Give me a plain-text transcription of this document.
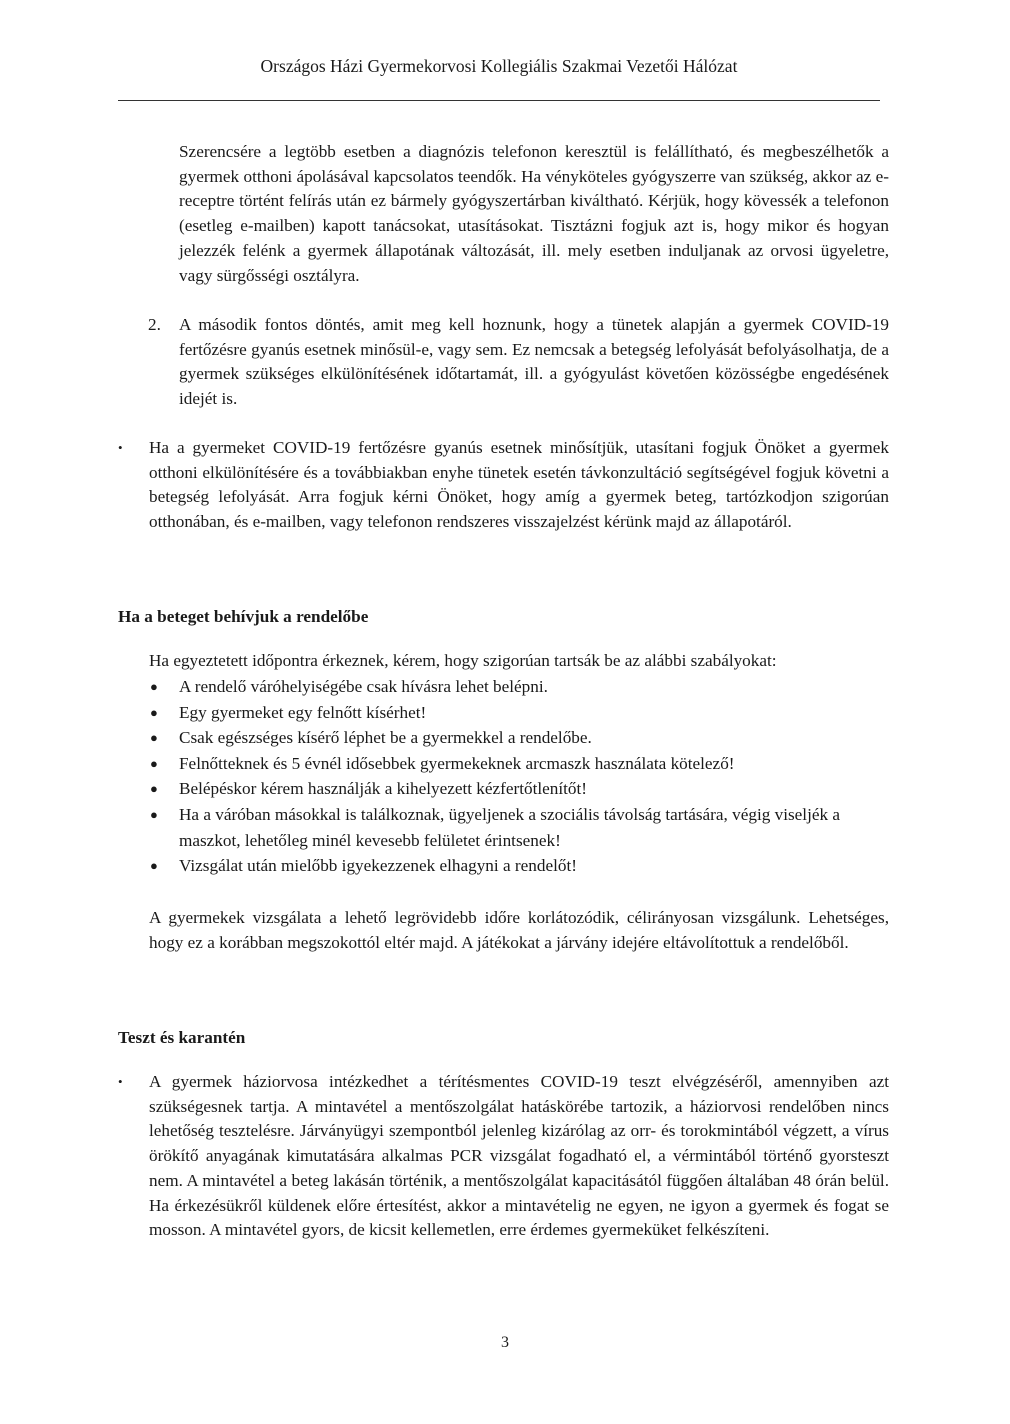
Országos Házi Gyermekorvosi Kollegiális Szakmai Vezetői Hálózat

Szerencsére a legtöbb esetben a diagnózis telefonon keresztül is felállítható, és megbeszélhetők a gyermek otthoni ápolásával kapcsolatos teendők. Ha vényköteles gyógyszerre van szükség, akkor az e-receptre történt felírás után ez bármely gyógyszertárban kiváltható. Kérjük, hogy kövessék a telefonon (esetleg e-mailben) kapott tanácsokat, utasításokat. Tisztázni fogjuk azt is, hogy mikor és hogyan jelezzék felénk a gyermek állapotának változását, ill. mely esetben induljanak az orvosi ügyeletre, vagy sürgősségi osztályra.

2. A második fontos döntés, amit meg kell hoznunk, hogy a tünetek alapján a gyermek COVID-19 fertőzésre gyanús esetnek minősül-e, vagy sem. Ez nemcsak a betegség lefolyását befolyásolhatja, de a gyermek szükséges elkülönítésének időtartamát, ill. a gyógyulást követően közösségbe engedésének idejét is.

• Ha a gyermeket COVID-19 fertőzésre gyanús esetnek minősítjük, utasítani fogjuk Önöket a gyermek otthoni elkülönítésére és a továbbiakban enyhe tünetek esetén távkonzultáció segítségével fogjuk követni a betegség lefolyását. Arra fogjuk kérni Önöket, hogy amíg a gyermek beteg, tartózkodjon szigorúan otthonában, és e-mailben, vagy telefonon rendszeres visszajelzést kérünk majd az állapotáról.

Ha a beteget behívjuk a rendelőbe

Ha egyeztetett időpontra érkeznek, kérem, hogy szigorúan tartsák be az alábbi szabályokat:

● A rendelő váróhelyiségébe csak hívásra lehet belépni.
● Egy gyermeket egy felnőtt kísérhet!
● Csak egészséges kísérő léphet be a gyermekkel a rendelőbe.
● Felnőtteknek és 5 évnél idősebbek gyermekeknek arcmaszk használata kötelező!
● Belépéskor kérem használják a kihelyezett kézfertőtlenítőt!
● Ha a váróban másokkal is találkoznak, ügyeljenek a szociális távolság tartására, végig viseljék a maszkot, lehetőleg minél kevesebb felületet érintsenek!
● Vizsgálat után mielőbb igyekezzenek elhagyni a rendelőt!

A gyermekek vizsgálata a lehető legrövidebb időre korlátozódik, célirányosan vizsgálunk. Lehetséges, hogy ez a korábban megszokottól eltér majd. A játékokat a járvány idejére eltávolítottuk a rendelőből.

Teszt és karantén
• A gyermek háziorvosa intézkedhet a térítésmentes COVID-19 teszt elvégzéséről, amennyiben azt szükségesnek tartja. A mintavétel a mentőszolgálat hatáskörébe tartozik, a háziorvosi rendelőben nincs lehetőség tesztelésre. Járványügyi szempontból jelenleg kizárólag az orr- és torokmintából végzett, a vírus örökítő anyagának kimutatására alkalmas PCR vizsgálat fogadható el, a vérmintából történő gyorsteszt nem. A mintavétel a beteg lakásán történik, a mentőszolgálat kapacitásától függően általában 48 órán belül. Ha érkezésükről küldenek előre értesítést, akkor a mintavételig ne egyen, ne igyon a gyermek és fogat se mosson. A mintavétel gyors, de kicsit kellemetlen, erre érdemes gyermeküket felkészíteni.

3
